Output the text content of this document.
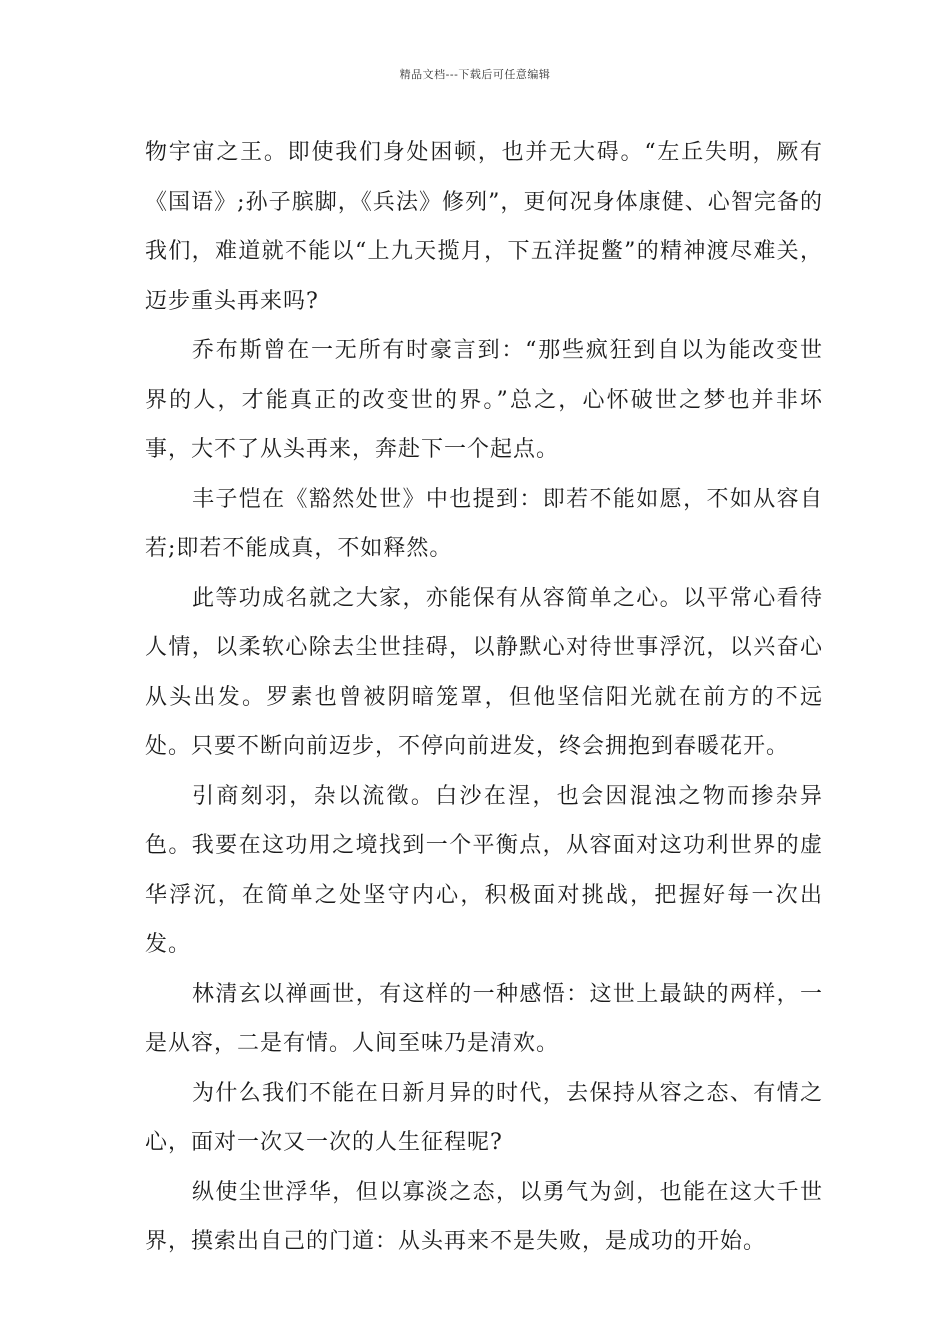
精品文档---下载后可任意编辑

物宇宙之王。即使我们身处困顿，也并无大碍。“左丘失明，厥有《国语》;孙子膑脚，《兵法》修列”，更何况身体康健、心智完备的我们，难道就不能以“上九天揽月，下五洋捉鳖”的精神渡尽难关，迈步重头再来吗?

乔布斯曾在一无所有时豪言到：“那些疯狂到自以为能改变世界的人，才能真正的改变世的界。”总之，心怀破世之梦也并非坏事，大不了从头再来，奔赴下一个起点。

丰子恺在《豁然处世》中也提到：即若不能如愿，不如从容自若;即若不能成真，不如释然。

此等功成名就之大家，亦能保有从容简单之心。以平常心看待人情，以柔软心除去尘世挂碍，以静默心对待世事浮沉，以兴奋心从头出发。罗素也曾被阴暗笼罩，但他坚信阳光就在前方的不远处。只要不断向前迈步，不停向前进发，终会拥抱到春暖花开。

引商刻羽，杂以流徵。白沙在涅，也会因混浊之物而掺杂异色。我要在这功用之境找到一个平衡点，从容面对这功利世界的虚华浮沉，在简单之处坚守内心，积极面对挑战，把握好每一次出发。

林清玄以禅画世，有这样的一种感悟：这世上最缺的两样，一是从容，二是有情。人间至味乃是清欢。

为什么我们不能在日新月异的时代，去保持从容之态、有情之心，面对一次又一次的人生征程呢?

纵使尘世浮华，但以寡淡之态，以勇气为剑，也能在这大千世界，摸索出自己的门道：从头再来不是失败，是成功的开始。
